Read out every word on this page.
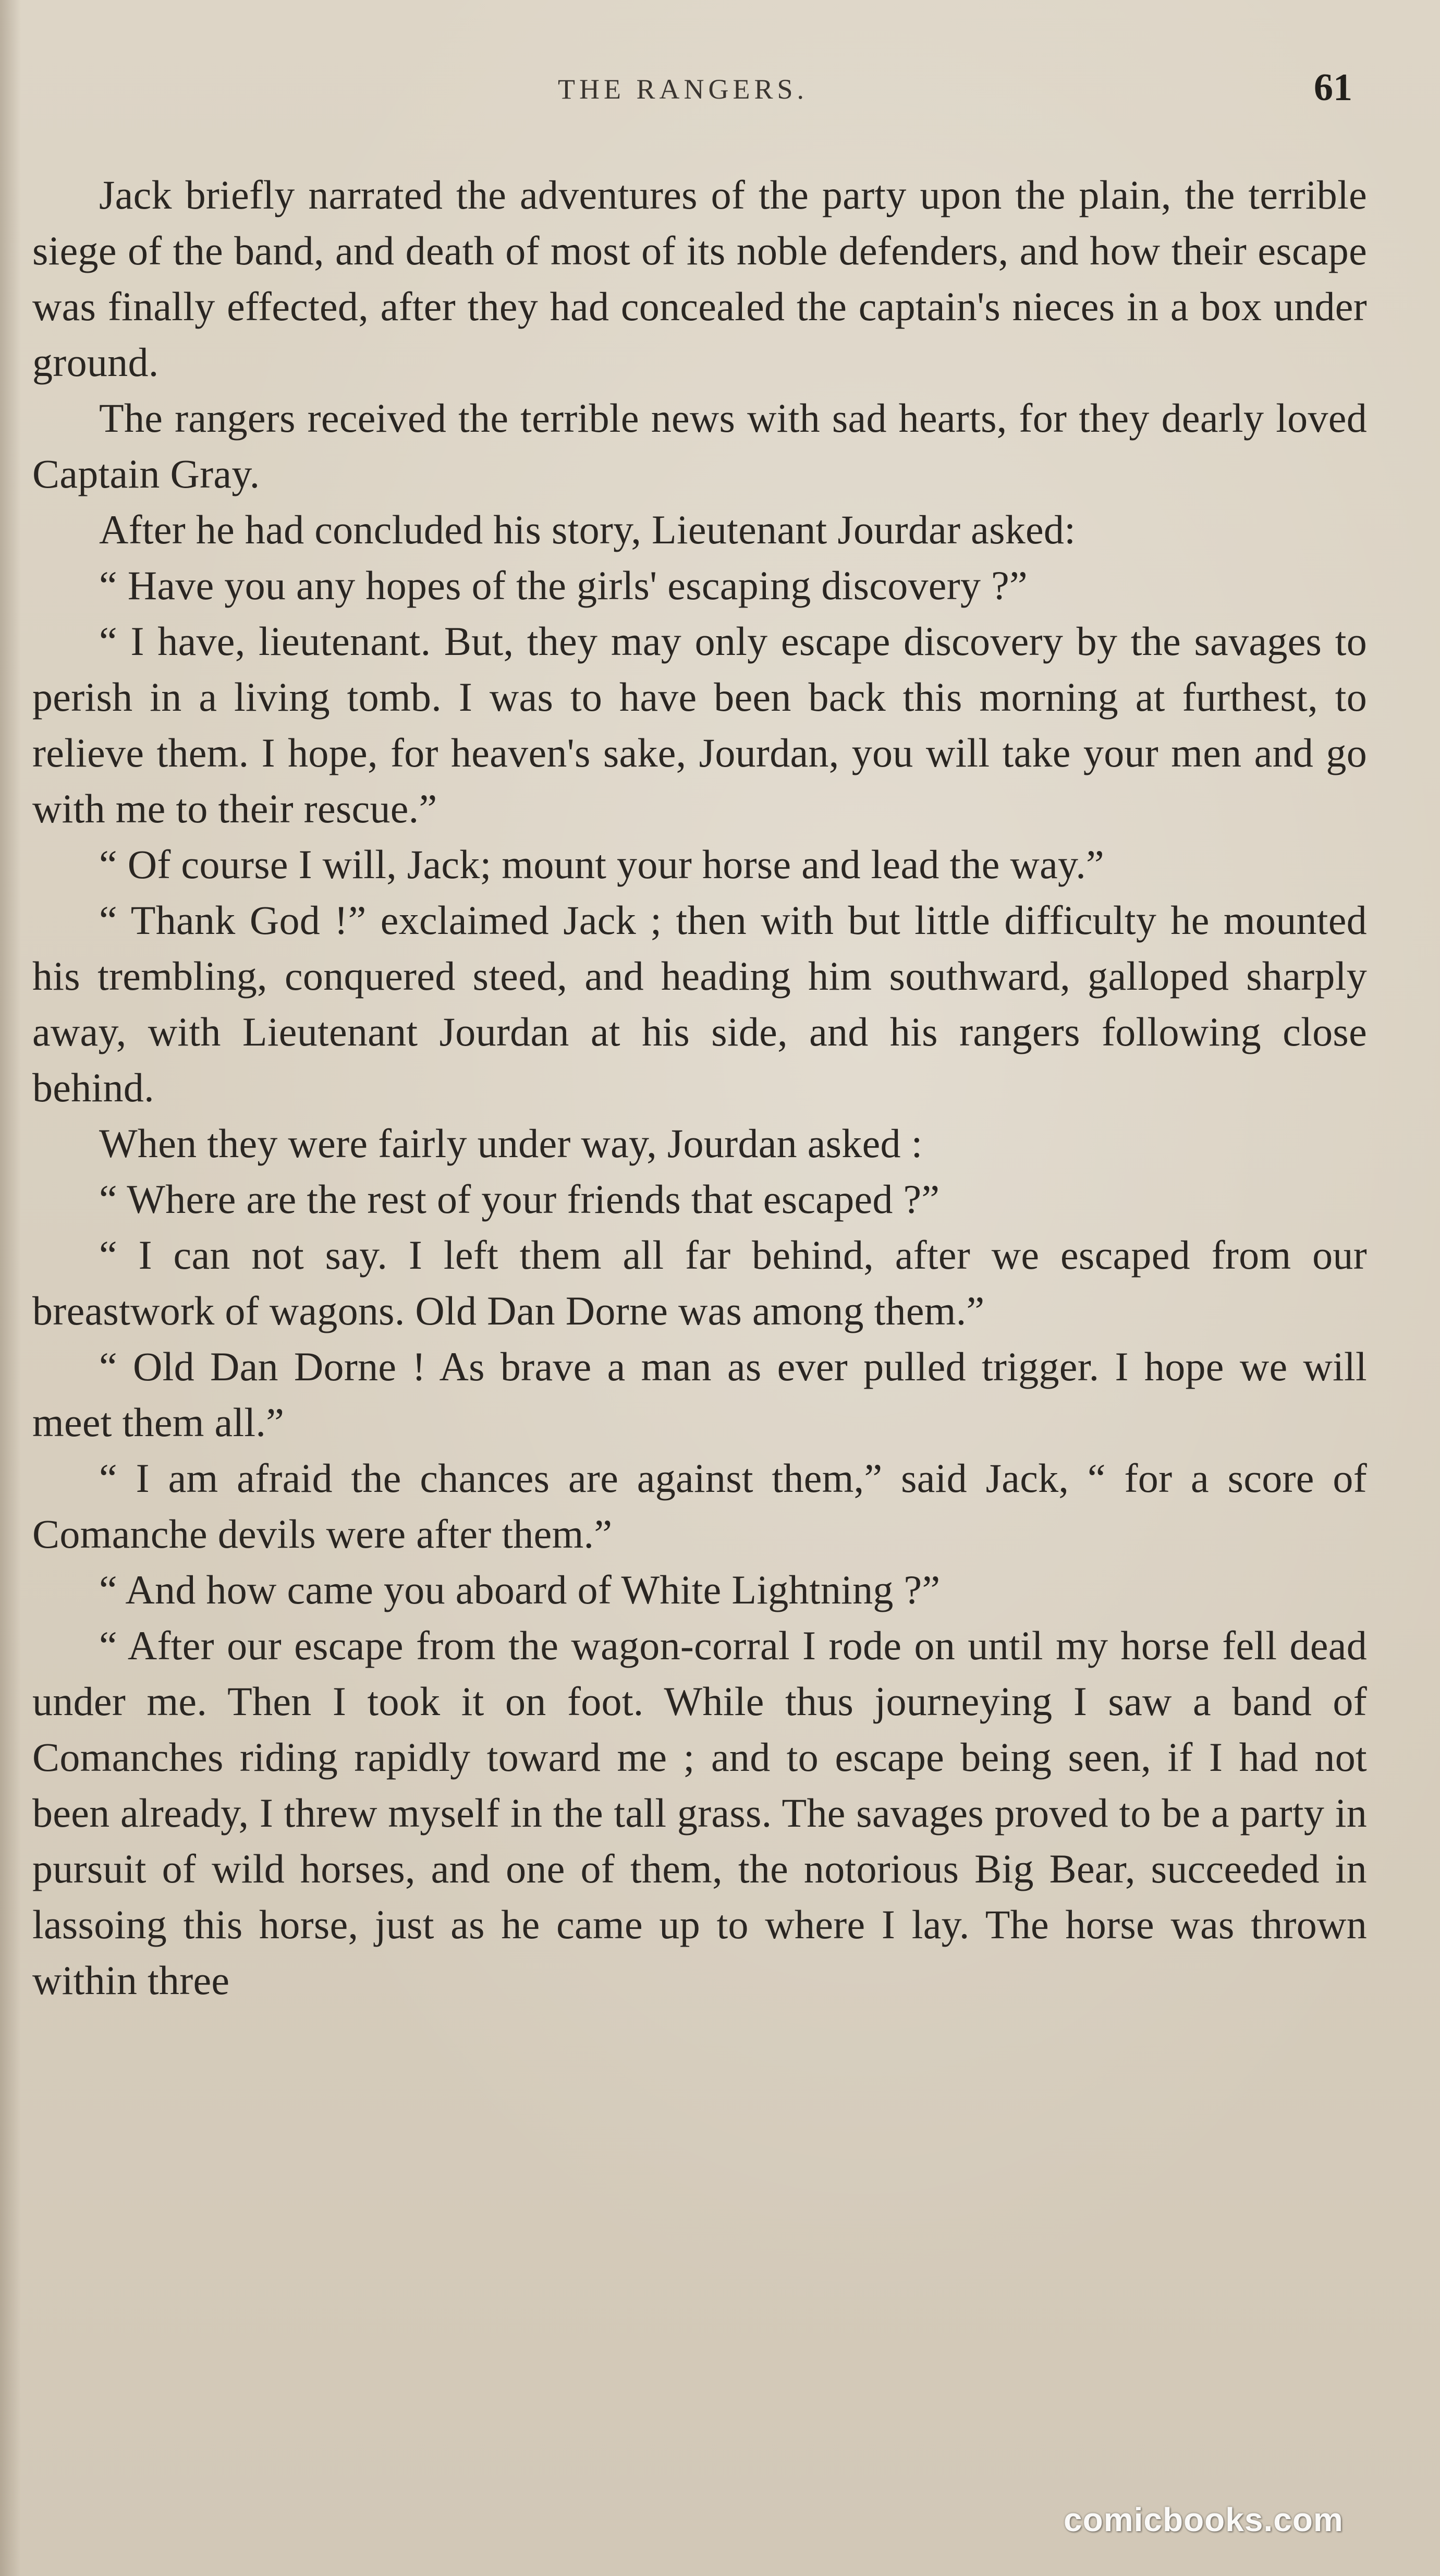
THE RANGERS.	61

Jack briefly narrated the adventures of the party upon the plain, the terrible siege of the band, and death of most of its noble defenders, and how their escape was finally effected, after they had concealed the captain's nieces in a box under ground.

The rangers received the terrible news with sad hearts, for they dearly loved Captain Gray.

After he had concluded his story, Lieutenant Jourdar asked:

“ Have you any hopes of the girls' escaping discovery ?”

“ I have, lieutenant. But, they may only escape discovery by the savages to perish in a living tomb. I was to have been back this morning at furthest, to relieve them. I hope, for heaven's sake, Jourdan, you will take your men and go with me to their rescue.”

“ Of course I will, Jack; mount your horse and lead the way.”

“ Thank God !” exclaimed Jack ; then with but little difficulty he mounted his trembling, conquered steed, and heading him southward, galloped sharply away, with Lieutenant Jourdan at his side, and his rangers following close behind.

When they were fairly under way, Jourdan asked :

“ Where are the rest of your friends that escaped ?”

“ I can not say. I left them all far behind, after we escaped from our breastwork of wagons. Old Dan Dorne was among them.”

“ Old Dan Dorne ! As brave a man as ever pulled trigger. I hope we will meet them all.”

“ I am afraid the chances are against them,” said Jack, “ for a score of Comanche devils were after them.”

“ And how came you aboard of White Lightning ?”

“ After our escape from the wagon-corral I rode on until my horse fell dead under me. Then I took it on foot. While thus journeying I saw a band of Comanches riding rapidly toward me ; and to escape being seen, if I had not been already, I threw myself in the tall grass. The savages proved to be a party in pursuit of wild horses, and one of them, the notorious Big Bear, succeeded in lassoing this horse, just as he came up to where I lay. The horse was thrown within three

comicbooks.com
